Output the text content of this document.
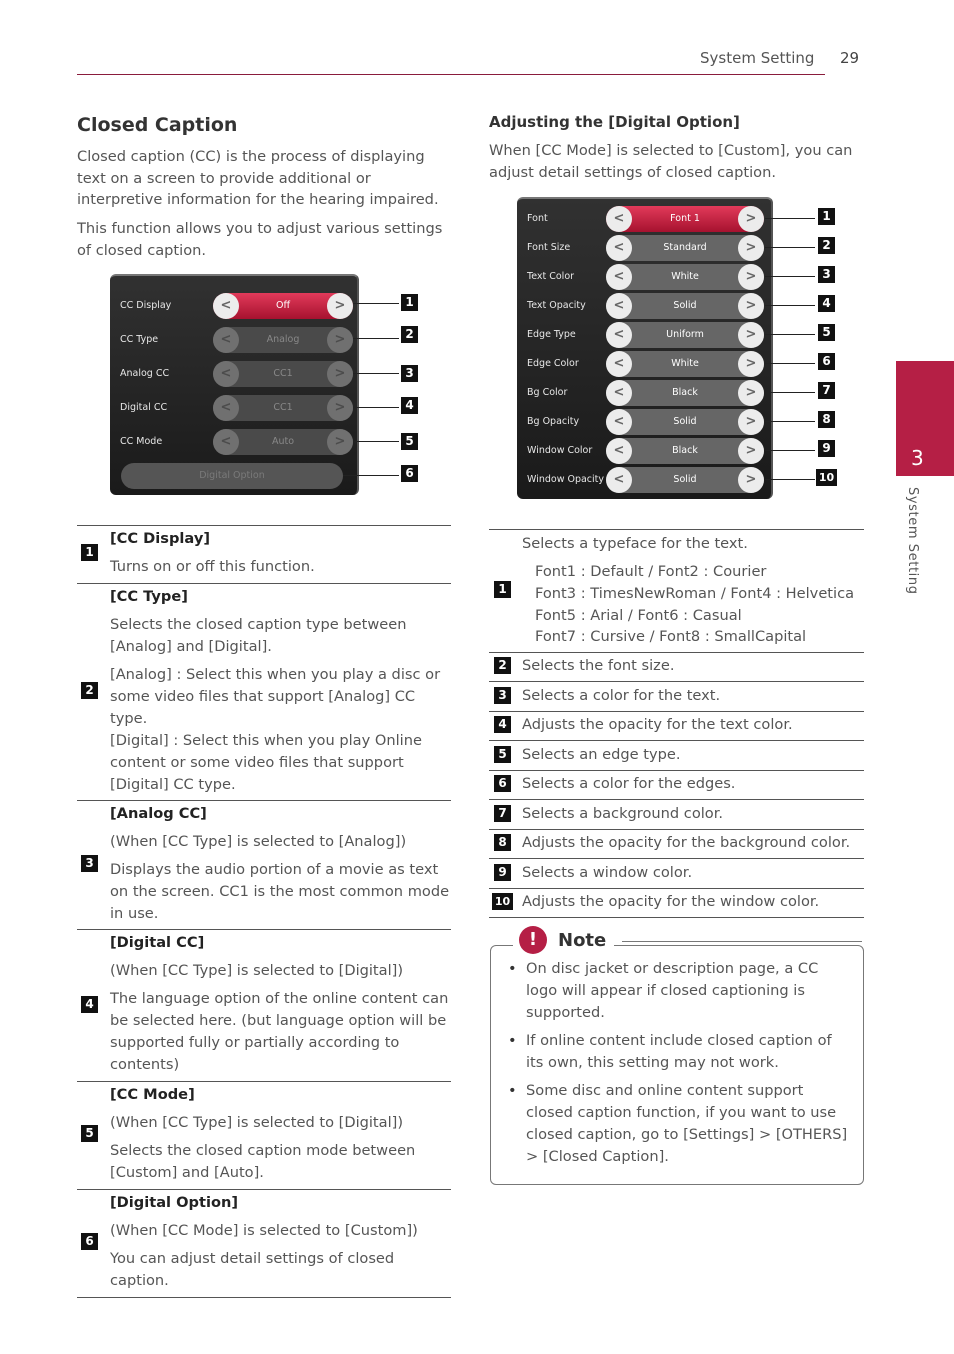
System Setting 29
3
System Setting
Closed Caption
Closed caption (CC) is the process of displaying text on a screen to provide additional or interpretive information for the hearing impaired.
This function allows you to adjust various settings of closed caption.
CC Display	<	Off	>
CC Type	<	Analog	>
Analog CC	<	CC1	>
Digital CC	<	CC1	>
CC Mode	<	Auto	>
Digital Option
1
2
3
4
5
6
1
[CC Display]

Turns on or off this function.

2
[CC Type]

Selects the closed caption type between [Analog] and [Digital].

[Analog] : Select this when you play a disc or some video files that support [Analog] CC type.

[Digital] : Select this when you play Online content or some video files that support [Digital] CC type.

3
[Analog CC]

(When [CC Type] is selected to [Analog])

Displays the audio portion of a movie as text on the screen. CC1 is the most common mode in use.

4
[Digital CC]

(When [CC Type] is selected to [Digital])

The language option of the online content can be selected here. (but language option will be supported fully or partially according to contents)

5
[CC Mode]

(When [CC Type] is selected to [Digital])

Selects the closed caption mode between [Custom] and [Auto].

6
[Digital Option]

(When [CC Mode] is selected to [Custom])

You can adjust detail settings of closed caption.

Adjusting the [Digital Option]
When [CC Mode] is selected to [Custom], you can adjust detail settings of closed caption.
Font	<	Font 1	>
Font Size	<	Standard	>
Text Color	<	White	>
Text Opacity	<	Solid	>
Edge Type	<	Uniform	>
Edge Color	<	White	>
Bg Color	<	Black	>
Bg Opacity	<	Solid	>
Window Color	<	Black	>
Window Opacity <	Solid	>
1
2
3
4
5
6
7
8
9
10
1
Selects a typeface for the text.
Font1 : Default / Font2 : Courier
Font3 : TimesNewRoman / Font4 : Helvetica
Font5 : Arial / Font6 : Casual
Font7 : Cursive / Font8 : SmallCapital
2 Selects the font size.
3 Selects a color for the text.
4 Adjusts the opacity for the text color.
5 Selects an edge type.
6 Selects a color for the edges.
7 Selects a background color.
8 Adjusts the opacity for the background color.
9 Selects a window color.
10 Adjusts the opacity for the window color.
• On disc jacket or description page, a CC logo will appear if closed captioning is supported.
• If online content include closed caption of its own, this setting may not work.
• Some disc and online content support closed caption function, if you want to use closed caption, go to [Settings] > [OTHERS] > [Closed Caption].
!	Note
